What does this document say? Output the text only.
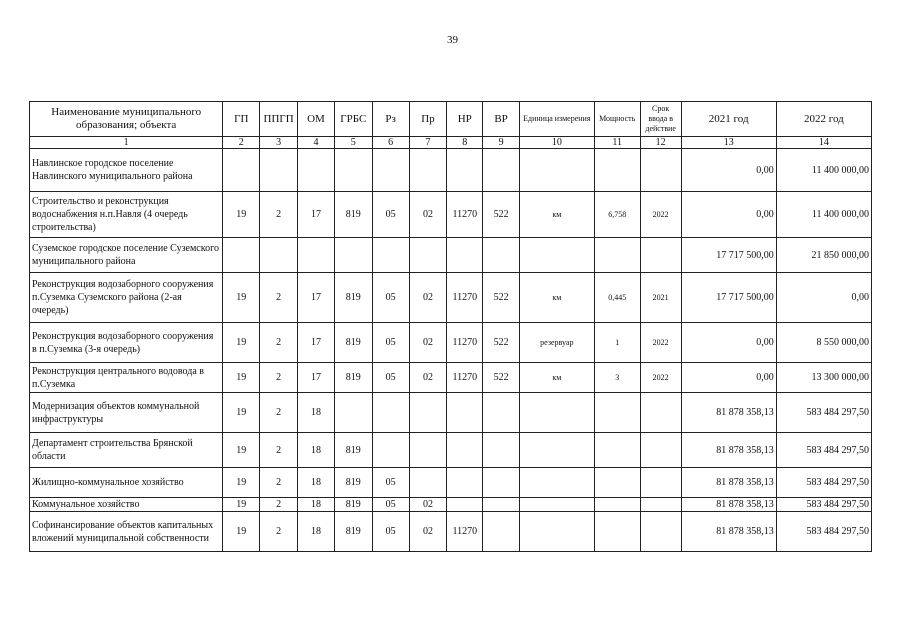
39
Наименование муниципального образования; объекта	ГП	ППГП	ОМ	ГРБС	Рз	Пр	НР	ВР	Единица измерения	Мощность	Срок ввода в действие	2021 год	2022 год
1	2	3	4	5	6	7	8	9	10	11	12	13	14
Навлинское городское поселение Навлинского муниципального района												0,00	11 400 000,00
Строительство и реконструкция водоснабжения н.п.Навля (4 очередь строительства)	19	2	17	819	05	02	11270	522	км	6,758	2022	0,00	11 400 000,00
Суземское городское поселение Суземского муниципального района												17 717 500,00	21 850 000,00
Реконструкция водозаборного сооружения п.Суземка Суземского района (2-ая очередь)	19	2	17	819	05	02	11270	522	км	0,445	2021	17 717 500,00	0,00
Реконструкция водозаборного сооружения в п.Суземка (3-я очередь)	19	2	17	819	05	02	11270	522	резервуар	1	2022	0,00	8 550 000,00
Реконструкция центрального водовода в п.Суземка	19	2	17	819	05	02	11270	522	км	3	2022	0,00	13 300 000,00
Модернизация объектов коммунальной инфраструктуры	19	2	18									81 878 358,13	583 484 297,50
Департамент строительства Брянской области	19	2	18	819								81 878 358,13	583 484 297,50
Жилищно-коммунальное хозяйство	19	2	18	819	05							81 878 358,13	583 484 297,50
Коммунальное хозяйство	19	2	18	819	05	02						81 878 358,13	583 484 297,50
Софинансирование объектов капитальных вложений муниципальной собственности	19	2	18	819	05	02	11270					81 878 358,13	583 484 297,50
